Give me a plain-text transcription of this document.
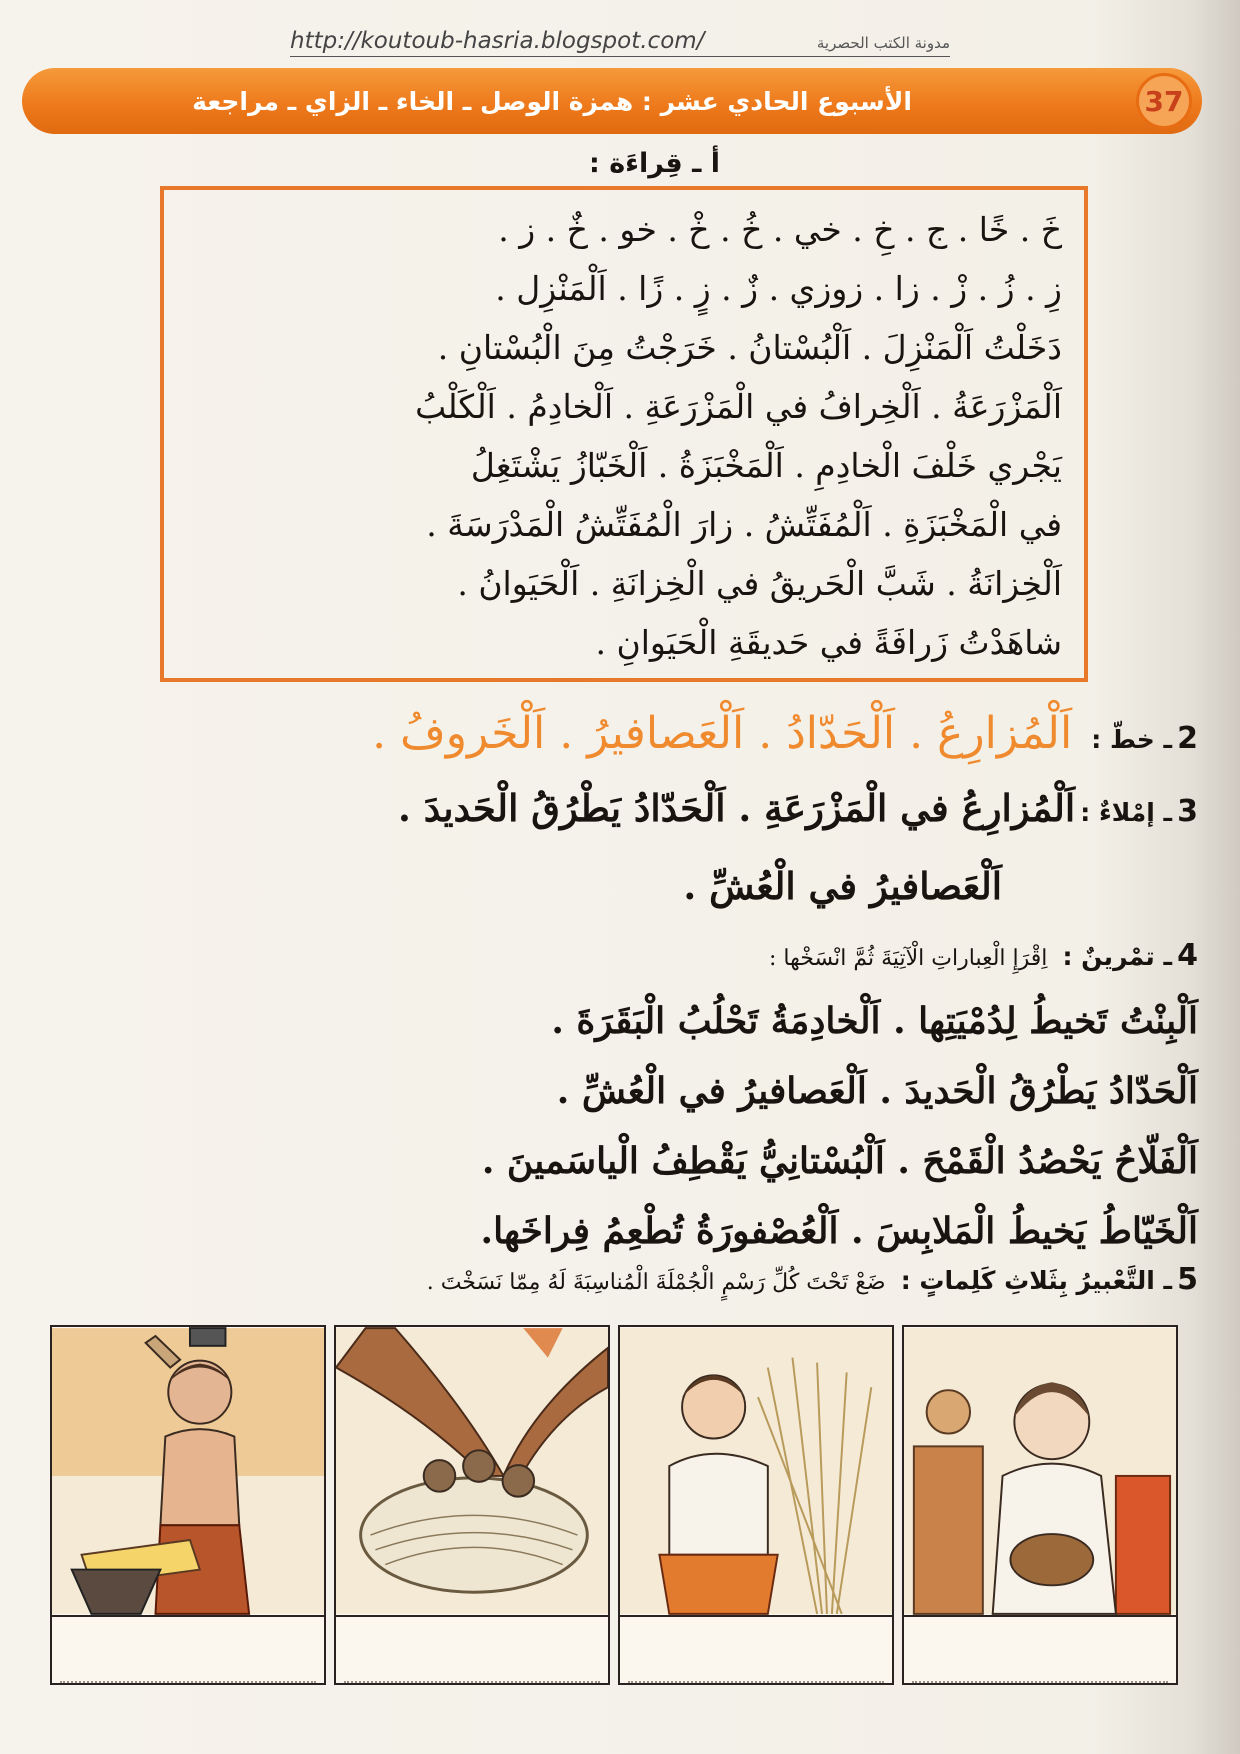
http://koutoub-hasria.blogspot.com/	مدونة الكتب الحصرية
الأسبوع الحادي عشر : همزة الوصل ـ الخاء ـ الزاي ـ مراجعة	37
أ ـ قِراءَة :
خَ . خًا . ج . خِ . خي . خُ . خْ . خو . خٌ . ز .
زِ . زُ . زْ . زا . زوزي . زٌ . زٍ . زًا . اَلْمَنْزِل .
دَخَلْتُ اَلْمَنْزِلَ . اَلْبُسْتانُ . خَرَجْتُ مِنَ الْبُسْتانِ .
اَلْمَزْرَعَةُ . اَلْخِرافُ في الْمَزْرَعَةِ . اَلْخادِمُ . اَلْكَلْبُ
يَجْري خَلْفَ الْخادِمِ . اَلْمَخْبَزَةُ . اَلْخَبّازُ يَشْتَغِلُ
في الْمَخْبَزَةِ . اَلْمُفَتِّشُ . زارَ الْمُفَتِّشُ الْمَدْرَسَةَ .
اَلْخِزانَةُ . شَبَّ الْحَريقُ في الْخِزانَةِ . اَلْحَيَوانُ .
شاهَدْتُ زَرافَةً في حَديقَةِ الْحَيَوانِ .
2 ـ خطّ : اَلْمُزارِعُ . اَلْحَدّادُ . اَلْعَصافيرُ . اَلْخَروفُ .
3 ـ إمْلاءٌ : اَلْمُزارِعُ في الْمَزْرَعَةِ . اَلْحَدّادُ يَطْرُقُ الْحَديدَ .
اَلْعَصافيرُ في الْعُشِّ .
4 ـ تمْرينٌ : اِقْرَإِ الْعِباراتِ الْآتِيَةَ ثُمَّ انْسَخْها :
اَلْبِنْتُ تَخيطُ لِدُمْيَتِها . اَلْخادِمَةُ تَحْلُبُ الْبَقَرَةَ .
اَلْحَدّادُ يَطْرُقُ الْحَديدَ . اَلْعَصافيرُ في الْعُشِّ .
اَلْفَلّاحُ يَحْصُدُ الْقَمْحَ . اَلْبُسْتانِيُّ يَقْطِفُ الْياسَمينَ .
اَلْخَيّاطُ يَخيطُ الْمَلابِسَ . اَلْعُصْفورَةُ تُطْعِمُ فِراخَها.
5 ـ التَّعْبيرُ بِثَلاثِ كَلِماتٍ : ضَعْ تَحْتَ كُلِّ رَسْمٍ الْجُمْلَةَ الْمُناسِبَةَ لَهُ مِمّا نَسَخْتَ .
